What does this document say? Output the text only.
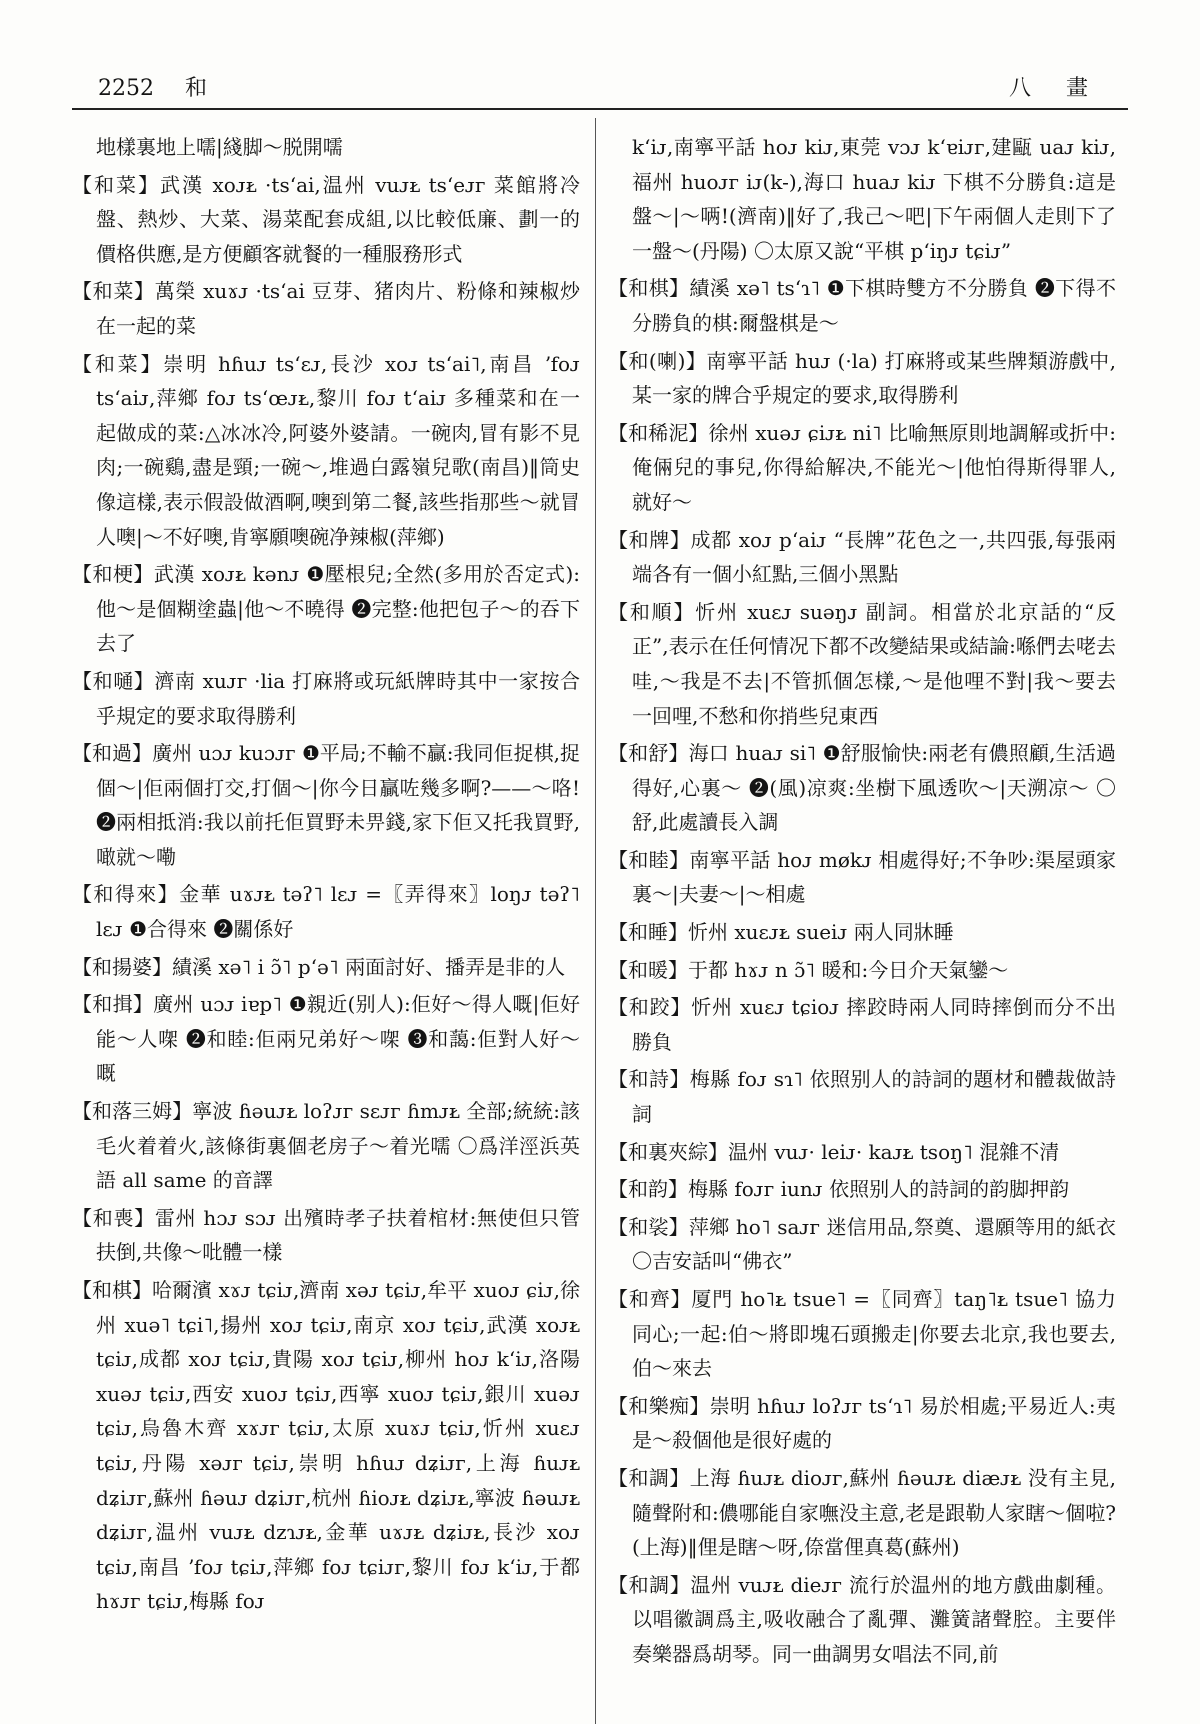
2252 和	八 畫

地樣裏地上嚅|綫脚～脱開嚅

【和菜】武漢 xoᴊᴌ ·tsʻai,温州 vuᴊᴌ tsʻeᴊᴦ 菜館將冷盤、熱炒、大菜、湯菜配套成組,以比較低廉、劃一的價格供應,是方便顧客就餐的一種服務形式

【和菜】萬榮 xuɤᴊ ·tsʻai 豆芽、猪肉片、粉條和辣椒炒在一起的菜

【和菜】崇明 hɦuᴊ tsʻɛᴊ,長沙 xoᴊ tsʻai˥,南昌 ʼfoᴊ tsʻaiᴊ,萍鄉 foᴊ tsʻœᴊᴌ,黎川 foᴊ tʻaiᴊ 多種菜和在一起做成的菜:△冰冰冷,阿婆外婆請。一碗肉,冒有影不見肉;一碗鷄,盡是頸;一碗～,堆過白露嶺兒歌(南昌)‖筒史像這樣,表示假設做酒啊,噢到第二餐,該些指那些～就冒人噢|～不好噢,肯寧願噢碗净辣椒(萍鄉)

【和梗】武漢 xoᴊᴌ kənᴊ ❶壓根兒;全然(多用於否定式):他～是個糊塗蟲|他～不曉得 ❷完整:他把包子～的吞下去了

【和嗵】濟南 xuᴊᴦ ·lia 打麻將或玩紙牌時其中一家按合乎規定的要求取得勝利

【和過】廣州 uɔᴊ kuɔᴊᴦ ❶平局;不輸不贏:我同佢捉棋,捉個～|佢兩個打交,打個～|你今日贏咗幾多啊?——～咯!❷兩相抵消:我以前托佢買野未畀錢,家下佢又托我買野,噉就～嘞

【和得來】金華 uɤᴊᴌ təʔ˥ lɛᴊ =〖弄得來〗loŋᴊ təʔ˥ lɛᴊ ❶合得來 ❷關係好

【和揚婆】績溪 xə˥ i ɔ̃˥ pʻə˥ 兩面討好、播弄是非的人

【和揖】廣州 uɔᴊ iɐp˥ ❶親近(别人):佢好～得人嘅|佢好能～人㗎 ❷和睦:佢兩兄弟好～㗎 ❸和藹:佢對人好～嘅

【和落三姆】寧波 ɦəuᴊᴌ loʔᴊᴦ sɛᴊᴦ ɦmᴊᴌ 全部;統統:該毛火着着火,該條街裏個老房子～着光嚅 〇爲洋涇浜英語 all same 的音譯

【和喪】雷州 hɔᴊ sɔᴊ 出殯時孝子扶着棺材:無使但只管扶倒,共像～吡體一樣

【和棋】哈爾濱 xɤᴊ tɕiᴊ,濟南 xəᴊ tɕiᴊ,牟平 xuoᴊ ɕiᴊ,徐州 xuə˥ tɕi˥,揚州 xoᴊ tɕiᴊ,南京 xoᴊ tɕiᴊ,武漢 xoᴊᴌ tɕiᴊ,成都 xoᴊ tɕiᴊ,貴陽 xoᴊ tɕiᴊ,柳州 hoᴊ kʻiᴊ,洛陽 xuəᴊ tɕiᴊ,西安 xuoᴊ tɕiᴊ,西寧 xuoᴊ tɕiᴊ,銀川 xuəᴊ tɕiᴊ,烏魯木齊 xɤᴊᴦ tɕiᴊ,太原 xuɤᴊ tɕiᴊ,忻州 xuɛᴊ tɕiᴊ,丹陽 xəᴊᴦ tɕiᴊ,崇明 hɦuᴊ dʑiᴊᴦ,上海 ɦuᴊᴌ dʑiᴊᴦ,蘇州 ɦəuᴊ dʑiᴊᴦ,杭州 ɦioᴊᴌ dʑiᴊᴌ,寧波 ɦəuᴊᴌ dʑiᴊᴦ,温州 vuᴊᴌ dzɿᴊᴌ,金華 uɤᴊᴌ dʑiᴊᴌ,長沙 xoᴊ tɕiᴊ,南昌 ʼfoᴊ tɕiᴊ,萍鄉 foᴊ tɕiᴊᴦ,黎川 foᴊ kʻiᴊ,于都 hɤᴊᴦ tɕiᴊ,梅縣 foᴊ

kʻiᴊ,南寧平話 hoᴊ kiᴊ,東莞 vɔᴊ kʻɐiᴊᴦ,建甌 uaᴊ kiᴊ,福州 huoᴊᴦ iᴊ(k-),海口 huaᴊ kiᴊ 下棋不分勝負:這是盤～|～唡!(濟南)‖好了,我己～吧|下午兩個人走則下了一盤～(丹陽) 〇太原又說“平棋 pʻiŋᴊ tɕiᴊ”

【和棋】績溪 xə˥ tsʻɿ˥ ❶下棋時雙方不分勝負 ❷下得不分勝負的棋:爾盤棋是～

【和(喇)】南寧平話 huᴊ (·la) 打麻將或某些牌類游戲中,某一家的牌合乎規定的要求,取得勝利

【和稀泥】徐州 xuəᴊ ɕiᴊᴌ ni˥ 比喻無原則地調解或折中:俺倆兒的事兒,你得給解决,不能光～|他怕得斯得罪人,就好～

【和牌】成都 xoᴊ pʻaiᴊ “長牌”花色之一,共四張,每張兩端各有一個小紅點,三個小黑點

【和順】忻州 xuɛᴊ suəŋᴊ 副詞。相當於北京話的“反正”,表示在任何情况下都不改變結果或結論:喺們去咾去哇,～我是不去|不管抓個怎樣,～是他哩不對|我～要去一回哩,不愁和你捎些兒東西

【和舒】海口 huaᴊ si˥ ❶舒服愉快:兩老有儂照顧,生活過得好,心裏～ ❷(風)凉爽:坐樹下風透吹～|天溯凉～ 〇舒,此處讀長入調

【和睦】南寧平話 hoᴊ møkᴊ 相處得好;不争吵:渠屋頭家裏～|夫妻～|～相處

【和睡】忻州 xuɛᴊᴌ sueiᴊ 兩人同牀睡

【和暖】于都 hɤᴊ n ɔ̃˥ 暖和:今日介天氣鑾～

【和跤】忻州 xuɛᴊ tɕioᴊ 摔跤時兩人同時摔倒而分不出勝負

【和詩】梅縣 foᴊ sɿ˥ 依照别人的詩詞的題材和體裁做詩詞

【和裏夾綜】温州 vuᴊ· leiᴊ· kaᴊᴌ tsoŋ˥ 混雜不清

【和韵】梅縣 foᴊᴦ iunᴊ 依照别人的詩詞的韵脚押韵

【和裟】萍鄉 ho˥ saᴊᴦ 迷信用品,祭奠、還願等用的紙衣 〇吉安話叫“佛衣”

【和齊】厦門 ho˥ᴌ tsue˥ =〖同齊〗taŋ˥ᴌ tsue˥ 協力同心;一起:伯～將即塊石頭搬走|你要去北京,我也要去,伯～來去

【和樂痴】崇明 hɦuᴊ loʔᴊᴦ tsʻɿ˥ 易於相處;平易近人:夷是～殺個他是很好處的

【和調】上海 ɦuᴊᴌ dioᴊᴦ,蘇州 ɦəuᴊᴌ diæᴊᴌ 没有主見,隨聲附和:儂哪能自家嘸没主意,老是跟勒人家瞎～個啦?(上海)‖俚是瞎～呀,倷當俚真葛(蘇州)

【和調】温州 vuᴊᴌ dieᴊᴦ 流行於温州的地方戲曲劇種。以唱徽調爲主,吸收融合了亂彈、灘簧諸聲腔。主要伴奏樂器爲胡琴。同一曲調男女唱法不同,前
